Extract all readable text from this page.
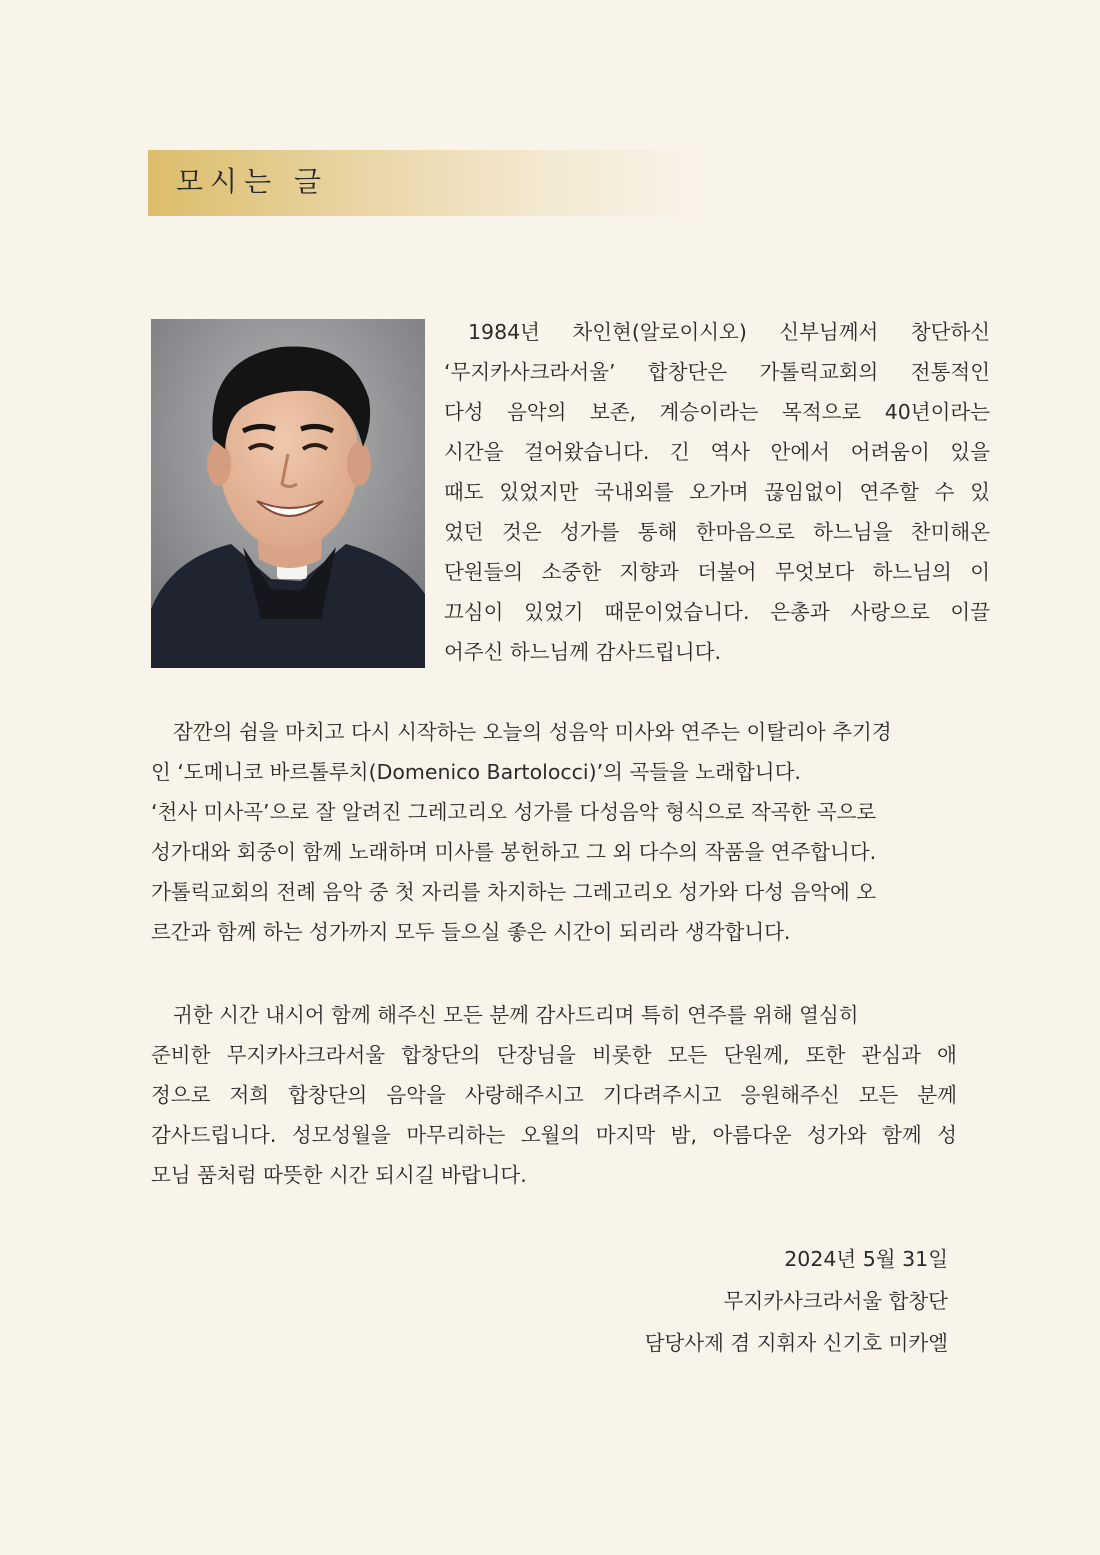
모시는 글
1984년 차인현(알로이시오) 신부님께서 창단하신
‘무지카사크라서울’ 합창단은 가톨릭교회의 전통적인
다성 음악의 보존, 계승이라는 목적으로 40년이라는
시간을 걸어왔습니다. 긴 역사 안에서 어려움이 있을
때도 있었지만 국내외를 오가며 끊임없이 연주할 수 있
었던 것은 성가를 통해 한마음으로 하느님을 찬미해온
단원들의 소중한 지향과 더불어 무엇보다 하느님의 이
끄심이 있었기 때문이었습니다. 은총과 사랑으로 이끌
어주신 하느님께 감사드립니다.
잠깐의 쉼을 마치고 다시 시작하는 오늘의 성음악 미사와 연주는 이탈리아 추기경
인 ‘도메니코 바르톨루치(Domenico Bartolocci)’의 곡들을 노래합니다.
‘천사 미사곡’으로 잘 알려진 그레고리오 성가를 다성음악 형식으로 작곡한 곡으로
성가대와 회중이 함께 노래하며 미사를 봉헌하고 그 외 다수의 작품을 연주합니다.
가톨릭교회의 전례 음악 중 첫 자리를 차지하는 그레고리오 성가와 다성 음악에 오
르간과 함께 하는 성가까지 모두 들으실 좋은 시간이 되리라 생각합니다.
귀한 시간 내시어 함께 해주신 모든 분께 감사드리며 특히 연주를 위해 열심히
준비한 무지카사크라서울 합창단의 단장님을 비롯한 모든 단원께, 또한 관심과 애
정으로 저희 합창단의 음악을 사랑해주시고 기다려주시고 응원해주신 모든 분께
감사드립니다. 성모성월을 마무리하는 오월의 마지막 밤, 아름다운 성가와 함께 성
모님 품처럼 따뜻한 시간 되시길 바랍니다.
2024년 5월 31일
무지카사크라서울 합창단
담당사제 겸 지휘자 신기호 미카엘
